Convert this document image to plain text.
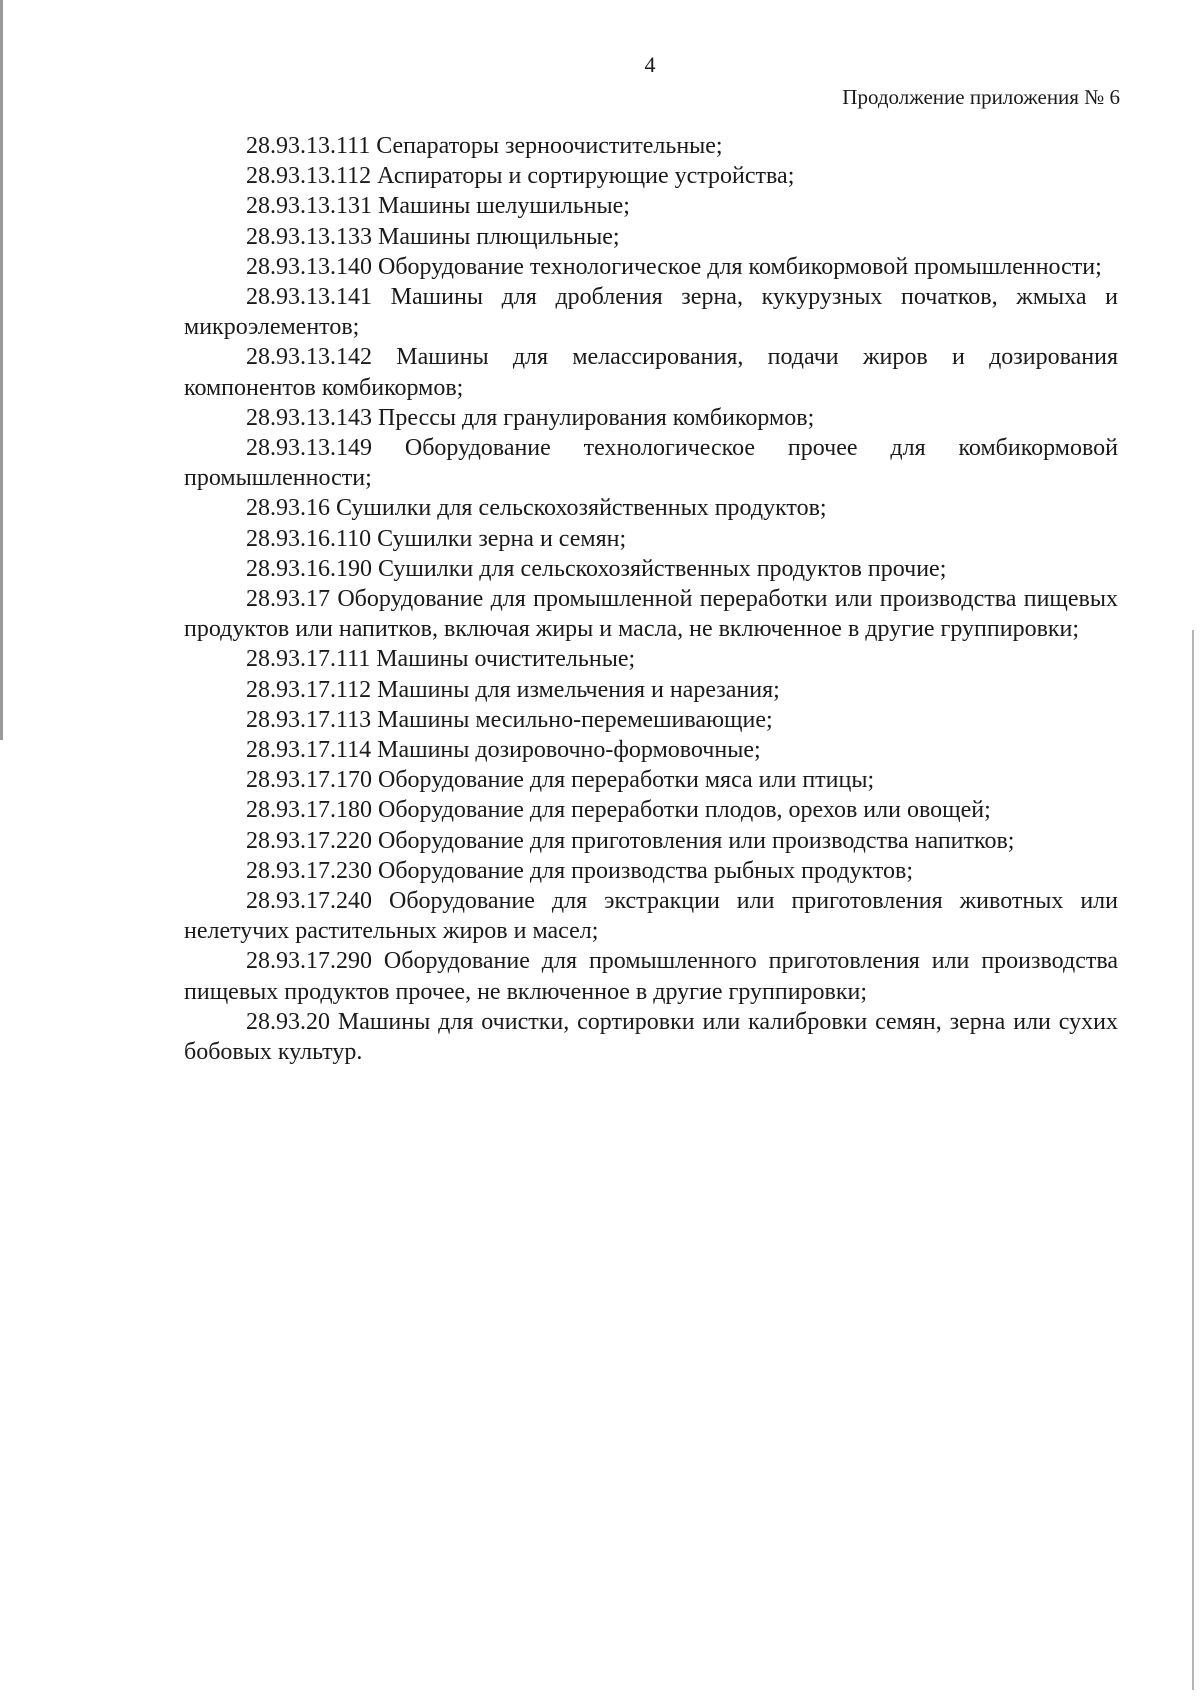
4
Продолжение приложения № 6

28.93.13.111 Сепараторы зерноочистительные;

28.93.13.112 Аспираторы и сортирующие устройства;

28.93.13.131 Машины шелушильные;

28.93.13.133 Машины плющильные;

28.93.13.140 Оборудование технологическое для комбикормовой промышленности;

28.93.13.141 Машины для дробления зерна, кукурузных початков, жмыха и микроэлементов;

28.93.13.142 Машины для мелассирования, подачи жиров и дозирования компонентов комбикормов;

28.93.13.143 Прессы для гранулирования комбикормов;

28.93.13.149 Оборудование технологическое прочее для комбикормовой промышленности;

28.93.16 Сушилки для сельскохозяйственных продуктов;

28.93.16.110 Сушилки зерна и семян;

28.93.16.190 Сушилки для сельскохозяйственных продуктов прочие;

28.93.17 Оборудование для промышленной переработки или производства пищевых продуктов или напитков, включая жиры и масла, не включенное в другие группировки;

28.93.17.111 Машины очистительные;

28.93.17.112 Машины для измельчения и нарезания;

28.93.17.113 Машины месильно-перемешивающие;

28.93.17.114 Машины дозировочно-формовочные;

28.93.17.170 Оборудование для переработки мяса или птицы;

28.93.17.180 Оборудование для переработки плодов, орехов или овощей;

28.93.17.220 Оборудование для приготовления или производства напитков;

28.93.17.230 Оборудование для производства рыбных продуктов;

28.93.17.240 Оборудование для экстракции или приготовления животных или нелетучих растительных жиров и масел;

28.93.17.290 Оборудование для промышленного приготовления или производства пищевых продуктов прочее, не включенное в другие группировки;

28.93.20 Машины для очистки, сортировки или калибровки семян, зерна или сухих бобовых культур.
